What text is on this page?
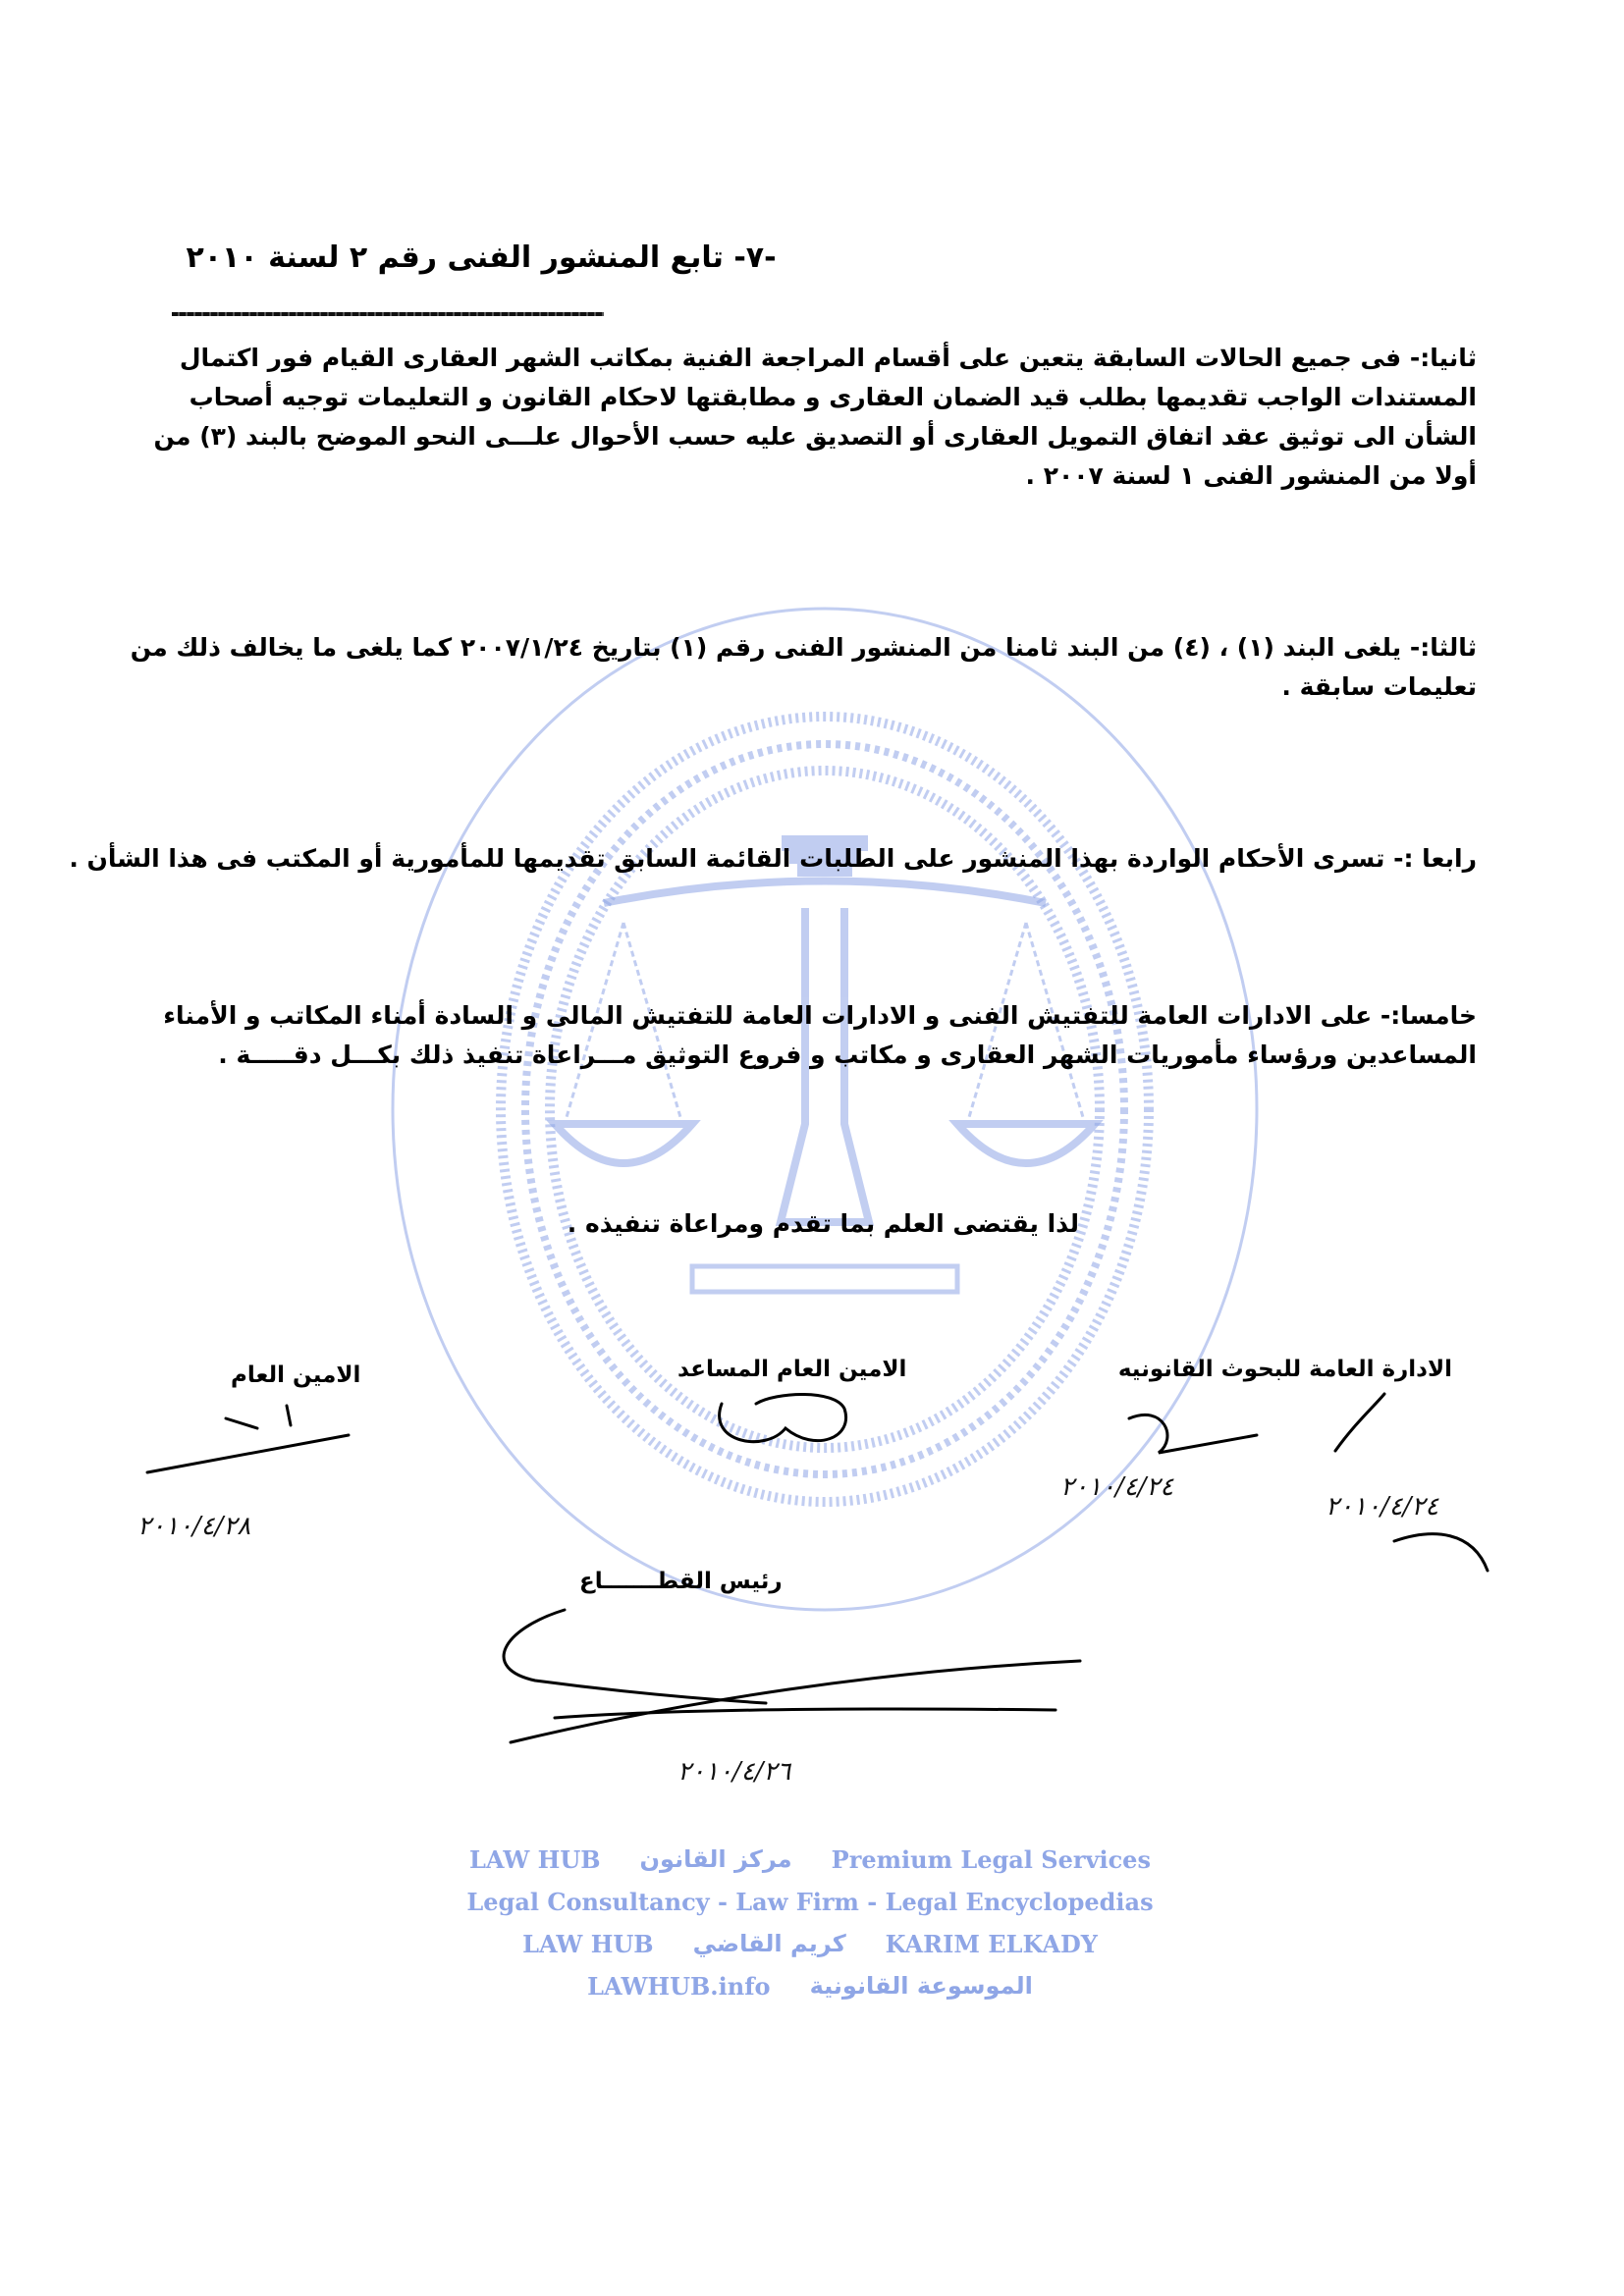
-٧- تابع المنشور الفنى رقم ٢ لسنة ٢٠١٠
ثانيا:- فى جميع الحالات السابقة يتعين على أقسام المراجعة الفنية بمكاتب الشهر العقارى القيام فور اكتمال المستندات الواجب تقديمها بطلب قيد الضمان العقارى و مطابقتها لاحكام القانون و التعليمات توجيه أصحاب الشأن الى توثيق عقد اتفاق التمويل العقارى أو التصديق عليه حسب الأحوال علـــى النحو الموضح بالبند (٣) من أولا من المنشور الفنى ١ لسنة ٢٠٠٧ .
ثالثا:- يلغى البند (١) ، (٤) من البند ثامنا من المنشور الفنى رقم (١) بتاريخ ٢٠٠٧/١/٢٤ كما يلغى ما يخالف ذلك من تعليمات سابقة .
رابعا :- تسرى الأحكام الواردة بهذا المنشور على الطلبات القائمة السابق تقديمها للمأمورية أو المكتب فى هذا الشأن .
خامسا:- على الادارات العامة للتفتيش الفنى و الادارات العامة للتفتيش المالى و السادة أمناء المكاتب و الأمناء المساعدين ورؤساء مأموريات الشهر العقارى و مكاتب و فروع التوثيق مـــراعاة تنفيذ ذلك بكـــل دقـــــة .
لذا يقتضى العلم بما تقدم ومراعاة تنفيذه .
الادارة العامة للبحوث القانونيه
الامين العام المساعد
الامين العام
رئيس القطـــــــاع
٢٠١٠/٤/٢٨
٢٠١٠/٤/٢٤
٢٠١٠/٤/٢٤
٢٠١٠/٤/٢٦
LAW HUB مركز القانون Premium Legal Services
Legal Consultancy - Law Firm - Legal Encyclopedias
LAW HUB كريم القاضي KARIM ELKADY
LAWHUB.info الموسوعة القانونية
